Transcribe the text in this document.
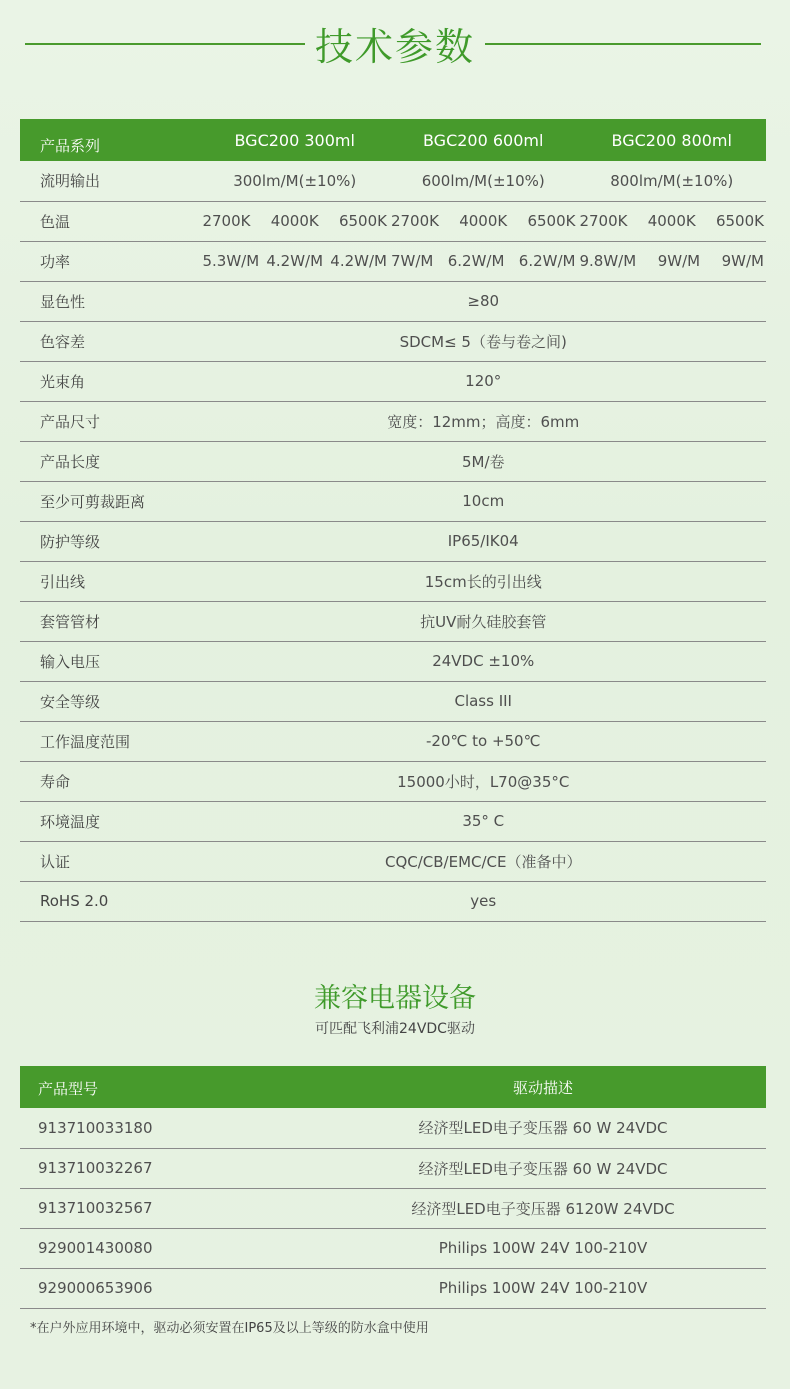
技术参数
产品系列	BGC200 300ml	BGC200 600ml	BGC200 800ml
流明输出	300lm/M(±10%)	600lm/M(±10%)	800lm/M(±10%)
色温	2700K 4000K 6500K	2700K 4000K 6500K	2700K 4000K 6500K

功率	5.3W/M 4.2W/M 4.2W/M	7W/M 6.2W/M 6.2W/M	9.8W/M 9W/M 9W/M

显色性	≥80		
色容差	SDCM≤ 5（卷与卷之间)		
光束角	120°		
产品尺寸	宽度：12mm；高度：6mm		
产品长度	5M/卷		
至少可剪裁距离	10cm		
防护等级	IP65/IK04		
引出线	15cm长的引出线		
套管管材	抗UV耐久硅胶套管		
输入电压	24VDC ±10%		
安全等级	Class III		
工作温度范围	-20℃ to +50℃		
寿命	15000小时，L70@35°C		
环境温度	35° C		
认证	CQC/CB/EMC/CE（准备中）		
RoHS 2.0	yes		
兼容电器设备
可匹配飞利浦24VDC驱动
产品型号	驱动描述
913710033180	经济型LED电子变压器 60 W 24VDC
913710032267	经济型LED电子变压器 60 W 24VDC
913710032567	经济型LED电子变压器 6120W 24VDC
929001430080	Philips 100W 24V 100-210V
929000653906	Philips 100W 24V 100-210V
*在户外应用环境中，驱动必须安置在IP65及以上等级的防水盒中使用
